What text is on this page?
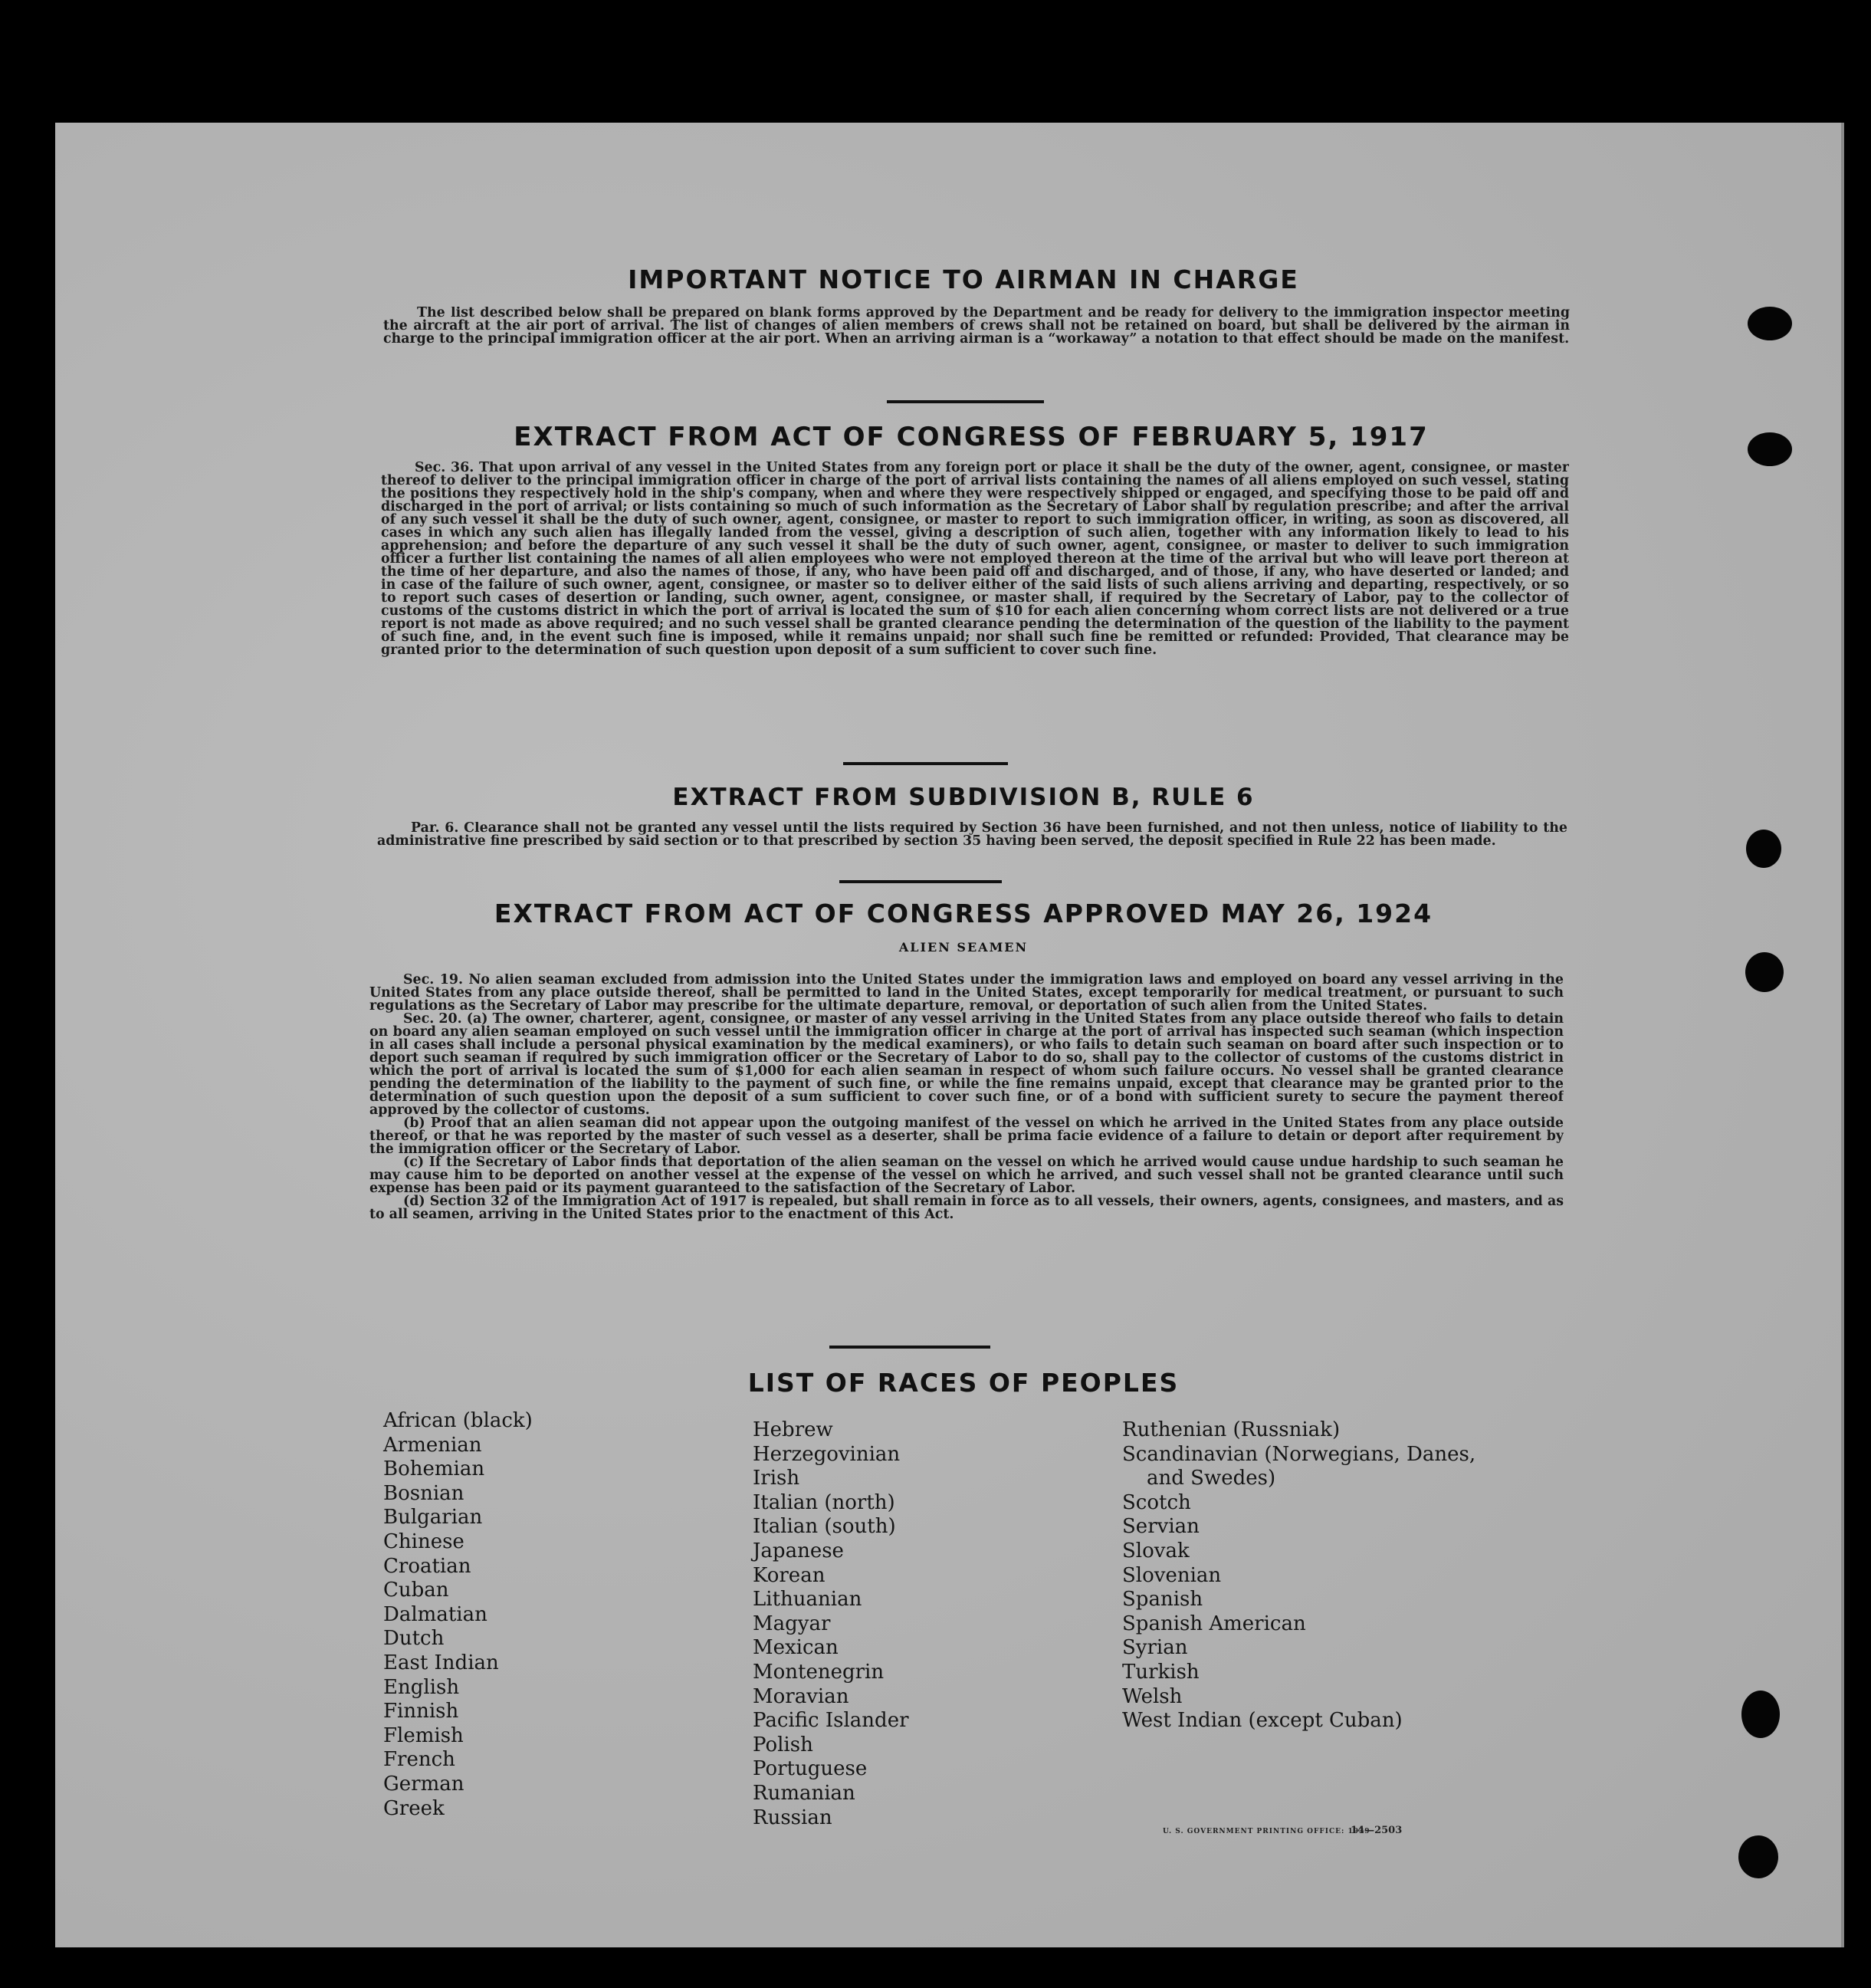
IMPORTANT NOTICE TO AIRMAN IN CHARGE

The list described below shall be prepared on blank forms approved by the Department and be ready for delivery to the immigration inspector meeting the aircraft at the air port of arrival. The list of changes of alien members of crews shall not be retained on board, but shall be delivered by the airman in charge to the principal immigration officer at the air port. When an arriving airman is a “workaway” a notation to that effect should be made on the manifest.

EXTRACT FROM ACT OF CONGRESS OF FEBRUARY 5, 1917

Sec. 36. That upon arrival of any vessel in the United States from any foreign port or place it shall be the duty of the owner, agent, consignee, or master thereof to deliver to the principal immigration officer in charge of the port of arrival lists containing the names of all aliens employed on such vessel, stating the positions they respectively hold in the ship's company, when and where they were respectively shipped or engaged, and specifying those to be paid off and discharged in the port of arrival; or lists containing so much of such information as the Secretary of Labor shall by regulation prescribe; and after the arrival of any such vessel it shall be the duty of such owner, agent, consignee, or master to report to such immigration officer, in writing, as soon as discovered, all cases in which any such alien has illegally landed from the vessel, giving a description of such alien, together with any information likely to lead to his apprehension; and before the departure of any such vessel it shall be the duty of such owner, agent, consignee, or master to deliver to such immigration officer a further list containing the names of all alien employees who were not employed thereon at the time of the arrival but who will leave port thereon at the time of her departure, and also the names of those, if any, who have been paid off and discharged, and of those, if any, who have deserted or landed; and in case of the failure of such owner, agent, consignee, or master so to deliver either of the said lists of such aliens arriving and departing, respectively, or so to report such cases of desertion or landing, such owner, agent, consignee, or master shall, if required by the Secretary of Labor, pay to the collector of customs of the customs district in which the port of arrival is located the sum of $10 for each alien concerning whom correct lists are not delivered or a true report is not made as above required; and no such vessel shall be granted clearance pending the determination of the question of the liability to the payment of such fine, and, in the event such fine is imposed, while it remains unpaid; nor shall such fine be remitted or refunded: Provided, That clearance may be granted prior to the determination of such question upon deposit of a sum sufficient to cover such fine.

EXTRACT FROM SUBDIVISION B, RULE 6

Par. 6. Clearance shall not be granted any vessel until the lists required by Section 36 have been furnished, and not then unless, notice of liability to the administrative fine prescribed by said section or to that prescribed by section 35 having been served, the deposit specified in Rule 22 has been made.

EXTRACT FROM ACT OF CONGRESS APPROVED MAY 26, 1924
ALIEN SEAMEN

Sec. 19. No alien seaman excluded from admission into the United States under the immigration laws and employed on board any vessel arriving in the United States from any place outside thereof, shall be permitted to land in the United States, except temporarily for medical treatment, or pursuant to such regulations as the Secretary of Labor may prescribe for the ultimate departure, removal, or deportation of such alien from the United States.

Sec. 20. (a) The owner, charterer, agent, consignee, or master of any vessel arriving in the United States from any place outside thereof who fails to detain on board any alien seaman employed on such vessel until the immigration officer in charge at the port of arrival has inspected such seaman (which inspection in all cases shall include a personal physical examination by the medical examiners), or who fails to detain such seaman on board after such inspection or to deport such seaman if required by such immigration officer or the Secretary of Labor to do so, shall pay to the collector of customs of the customs district in which the port of arrival is located the sum of $1,000 for each alien seaman in respect of whom such failure occurs. No vessel shall be granted clearance pending the determination of the liability to the payment of such fine, or while the fine remains unpaid, except that clearance may be granted prior to the determination of such question upon the deposit of a sum sufficient to cover such fine, or of a bond with sufficient surety to secure the payment thereof approved by the collector of customs.

(b) Proof that an alien seaman did not appear upon the outgoing manifest of the vessel on which he arrived in the United States from any place outside thereof, or that he was reported by the master of such vessel as a deserter, shall be prima facie evidence of a failure to detain or deport after requirement by the immigration officer or the Secretary of Labor.

(c) If the Secretary of Labor finds that deportation of the alien seaman on the vessel on which he arrived would cause undue hardship to such seaman he may cause him to be deported on another vessel at the expense of the vessel on which he arrived, and such vessel shall not be granted clearance until such expense has been paid or its payment guaranteed to the satisfaction of the Secretary of Labor.

(d) Section 32 of the Immigration Act of 1917 is repealed, but shall remain in force as to all vessels, their owners, agents, consignees, and masters, and as to all seamen, arriving in the United States prior to the enactment of this Act.

LIST OF RACES OF PEOPLES
African (black)
Armenian
Bohemian
Bosnian
Bulgarian
Chinese
Croatian
Cuban
Dalmatian
Dutch
East Indian
English
Finnish
Flemish
French
German
Greek
Hebrew
Herzegovinian
Irish
Italian (north)
Italian (south)
Japanese
Korean
Lithuanian
Magyar
Mexican
Montenegrin
Moravian
Pacific Islander
Polish
Portuguese
Rumanian
Russian
Ruthenian (Russniak)
Scandinavian (Norwegians, Danes,
and Swedes)
Scotch
Servian
Slovak
Slovenian
Spanish
Spanish American
Syrian
Turkish
Welsh
West Indian (except Cuban)
U. S. GOVERNMENT PRINTING OFFICE: 1939
14—2503
